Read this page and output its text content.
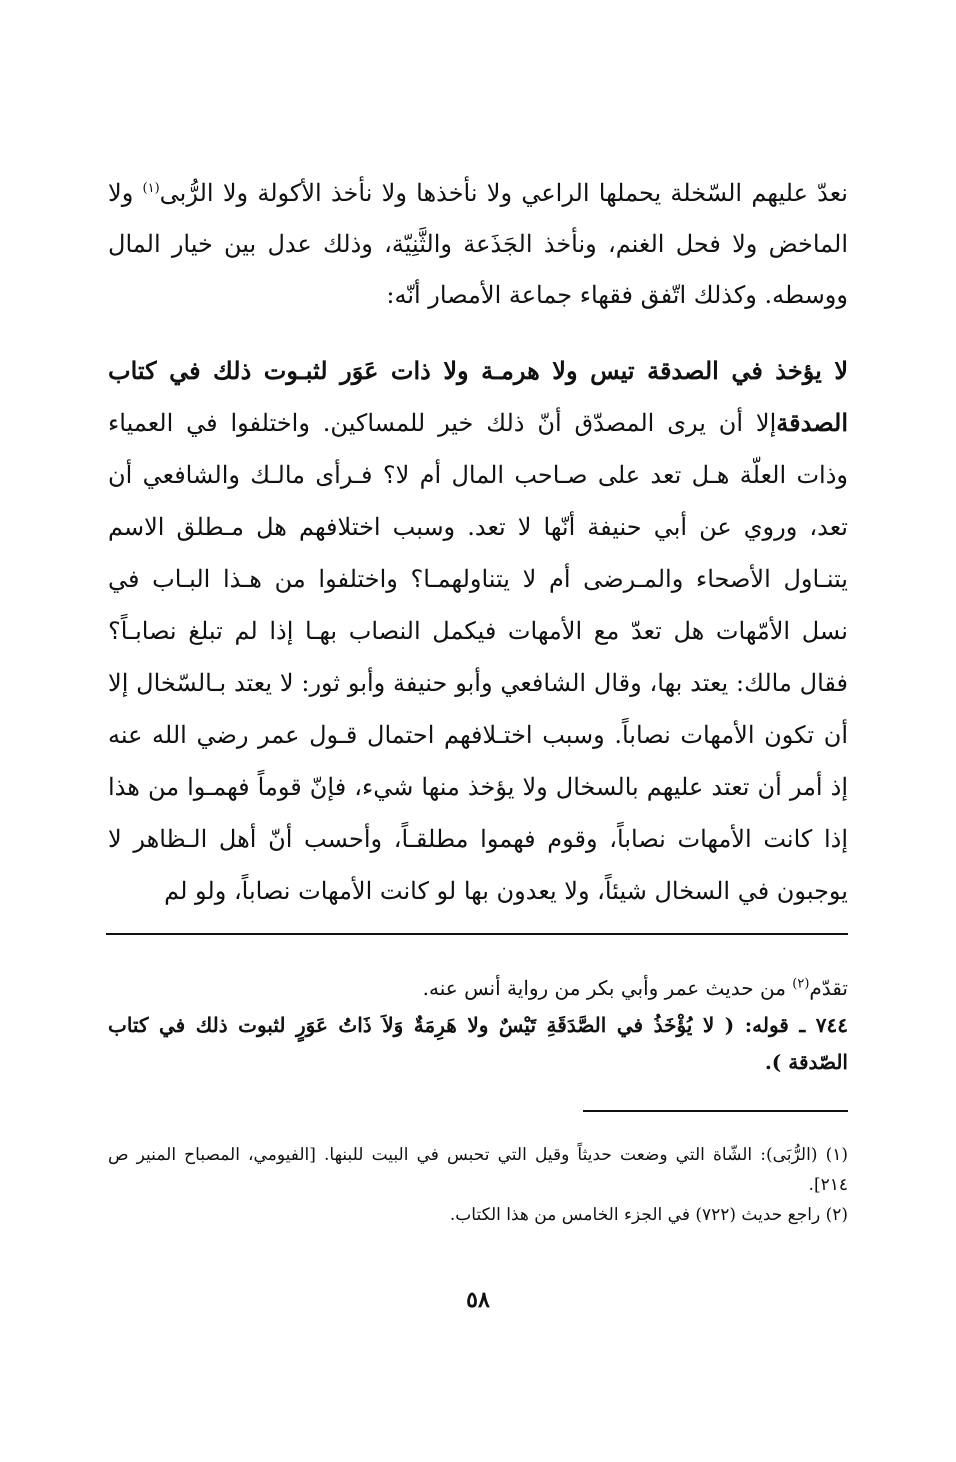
نعدّ عليهم السّخلة يحملها الراعي ولا نأخذها ولا نأخذ الأكولة ولا الرُّبى$^{(١)}$ ولا الماخض ولا فحل الغنم، ونأخذ الجَذَعة والثَّنِيّة، وذلك عدل بين خيار المال ووسطه. وكذلك اتّفق فقهاء جماعة الأمصار أنّه:

لا يؤخذ في الصدقة تيس ولا هرمـة ولا ذات عَوَر لثبـوت ذلك في كتاب الصدقةإلا أن يرى المصدّق أنّ ذلك خير للمساكين. واختلفوا في العمياء وذات العلّة هـل تعد على صـاحب المال أم لا؟ فـرأى مالـك والشافعي أن تعد، وروي عن أبي حنيفة أنّها لا تعد. وسبب اختلافهم هل مـطلق الاسم يتنـاول الأصحاء والمـرضى أم لا يتناولهمـا؟ واختلفوا من هـذا البـاب في نسل الأمّهات هل تعدّ مع الأمهات فيكمل النصاب بهـا إذا لم تبلغ نصابـاً؟ فقال مالك: يعتد بها، وقال الشافعي وأبو حنيفة وأبو ثور: لا يعتد بـالسّخال إلا أن تكون الأمهات نصاباً. وسبب اختـلافهم احتمال قـول عمر رضي الله عنه إذ أمر أن تعتد عليهم بالسخال ولا يؤخذ منها شيء، فإنّ قوماً فهمـوا من هذا إذا كانت الأمهات نصاباً، وقوم فهموا مطلقـاً، وأحسب أنّ أهل الـظاهر لا يوجبون في السخال شيئاً، ولا يعدون بها لو كانت الأمهات نصاباً، ولو لم

تقدّم$^{(٢)}$ من حديث عمر وأبي بكر من رواية أنس عنه.

٧٤٤ ـ قوله: ( لا يُؤْخَذُ في الصَّدَقَةِ تَيْسٌ ولا هَرِمَةٌ وَلاَ ذَاتُ عَوَرٍ لثبوت ذلك في كتاب الصّدقة ).

(١) (الرُّبَى): الشّاة التي وضعت حديثاً وقيل التي تحبس في البيت للبنها. [الفيومي، المصباح المنير ص ٢١٤].

(٢) راجع حديث (٧٢٢) في الجزء الخامس من هذا الكتاب.

٥٨
